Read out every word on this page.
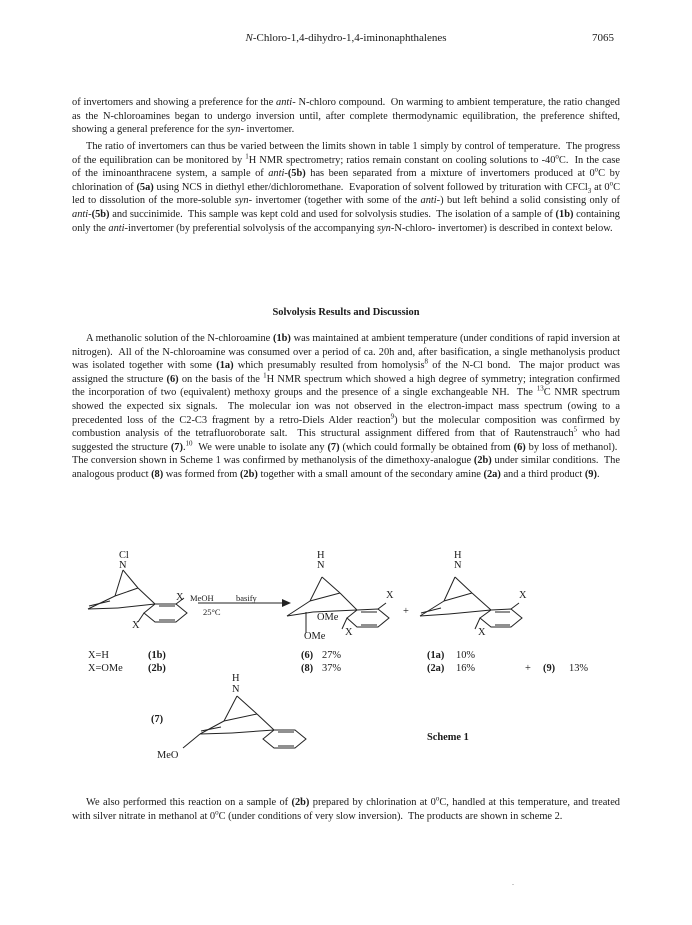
N-Chloro-1,4-dihydro-1,4-iminonaphthalenes	7065

of invertomers and showing a preference for the anti- N-chloro compound.  On warming to ambient temperature, the ratio changed as the N-chloroamines began to undergo inversion until, after complete thermodynamic equilibration, the preference shifted, showing a general preference for the syn- invertomer.

The ratio of invertomers can thus be varied between the limits shown in table 1 simply by control of temperature.  The progress of the equilibration can be monitored by $^1$H NMR spectrometry; ratios remain constant on cooling solutions to -40$^o$C.  In the case of the iminoanthracene system, a sample of anti-(5b) has been separated from a mixture of invertomers produced at 0$^o$C by chlorination of (5a) using NCS in diethyl ether/dichloromethane.  Evaporation of solvent followed by trituration with CFCl$_3$ at 0$^o$C led to dissolution of the more-soluble syn- invertomer (together with some of the anti-) but left behind a solid consisting only of anti-(5b) and succinimide.  This sample was kept cold and used for solvolysis studies.  The isolation of a sample of (1b) containing only the anti-invertomer (by preferential solvolysis of the accompanying syn-N-chloro- invertomer) is described in context below.

Solvolysis Results and Discussion

A methanolic solution of the N-chloroamine (1b) was maintained at ambient temperature (under conditions of rapid inversion at nitrogen).  All of the N-chloroamine was consumed over a period of ca. 20h and, after basification, a single methanolysis product was isolated together with some (1a) which presumably resulted from homolysis$^8$ of the N-Cl bond.  The major product was assigned the structure (6) on the basis of the $^1$H NMR spectrum which showed a high degree of symmetry; integration confirmed the incorporation of two (equivalent) methoxy groups and the presence of a single exchangeable NH.  The $^{13}$C NMR spectrum showed the expected six signals.  The molecular ion was not observed in the electron-impact mass spectrum (owing to a precedented loss of the C2-C3 fragment by a retro-Diels Alder reaction$^9$) but the molecular composition was confirmed by combustion analysis of the tetrafluoroborate salt.  This structural assignment differed from that of Rautenstrauch$^5$ who had suggested the structure (7).$^{10}$  We were unable to isolate any (7) (which could formally be obtained from (6) by loss of methanol).  The conversion shown in Scheme 1 was confirmed by methanolysis of the dimethoxy-analogue (2b) under similar conditions.  The analogous product (8) was formed from (2b) together with a small amount of the secondary amine (2a) and a third product (9).

Cl
N
X
X
MeOH
25°C
basify
H
N
X
X
OMe
OMe
+
H
N
X
X
X=H	(1b)
X=OMe (2b)
(6) 27%
(8) 37%
(1a) 10%
(2a) 16%	+ (9) 13%
H
N
(7)
MeO
Scheme 1

We also performed this reaction on a sample of (2b) prepared by chlorination at 0$^o$C, handled at this temperature, and treated with silver nitrate in methanol at 0$^o$C (under conditions of very slow inversion).  The products are shown in scheme 2.

.
